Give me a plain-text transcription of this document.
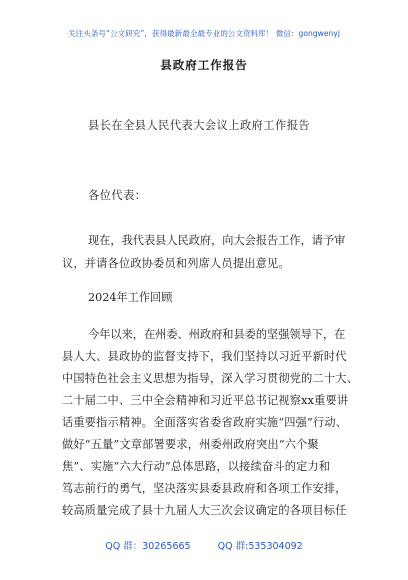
关注头条号“公文研究”，获得最新最全最专业的公文资料库！ 微信：gongwenyj
县政府工作报告
县长在全县人民代表大会议上政府工作报告
各位代表：
现在，我代表县人民政府，向大会报告工作，请予审
议，并请各位政协委员和列席人员提出意见。
2024年工作回顾
今年以来，在州委、州政府和县委的坚强领导下，在
县人大、县政协的监督支持下，我们坚持以习近平新时代
中国特色社会主义思想为指导，深入学习贯彻党的二十大、
二十届二中、三中全会精神和习近平总书记视察xx重要讲
话重要指示精神。全面落实省委省政府实施“四强”行动、
做好“五量”文章部署要求，州委州政府突出“六个聚
焦”、实施“六大行动”总体思路，以接续奋斗的定力和
笃志前行的勇气，坚决落实县委县政府和各项工作安排，
较高质量完成了县十九届人大三次会议确定的各项目标任
QQ 群：30265665	QQ 群:535304092
